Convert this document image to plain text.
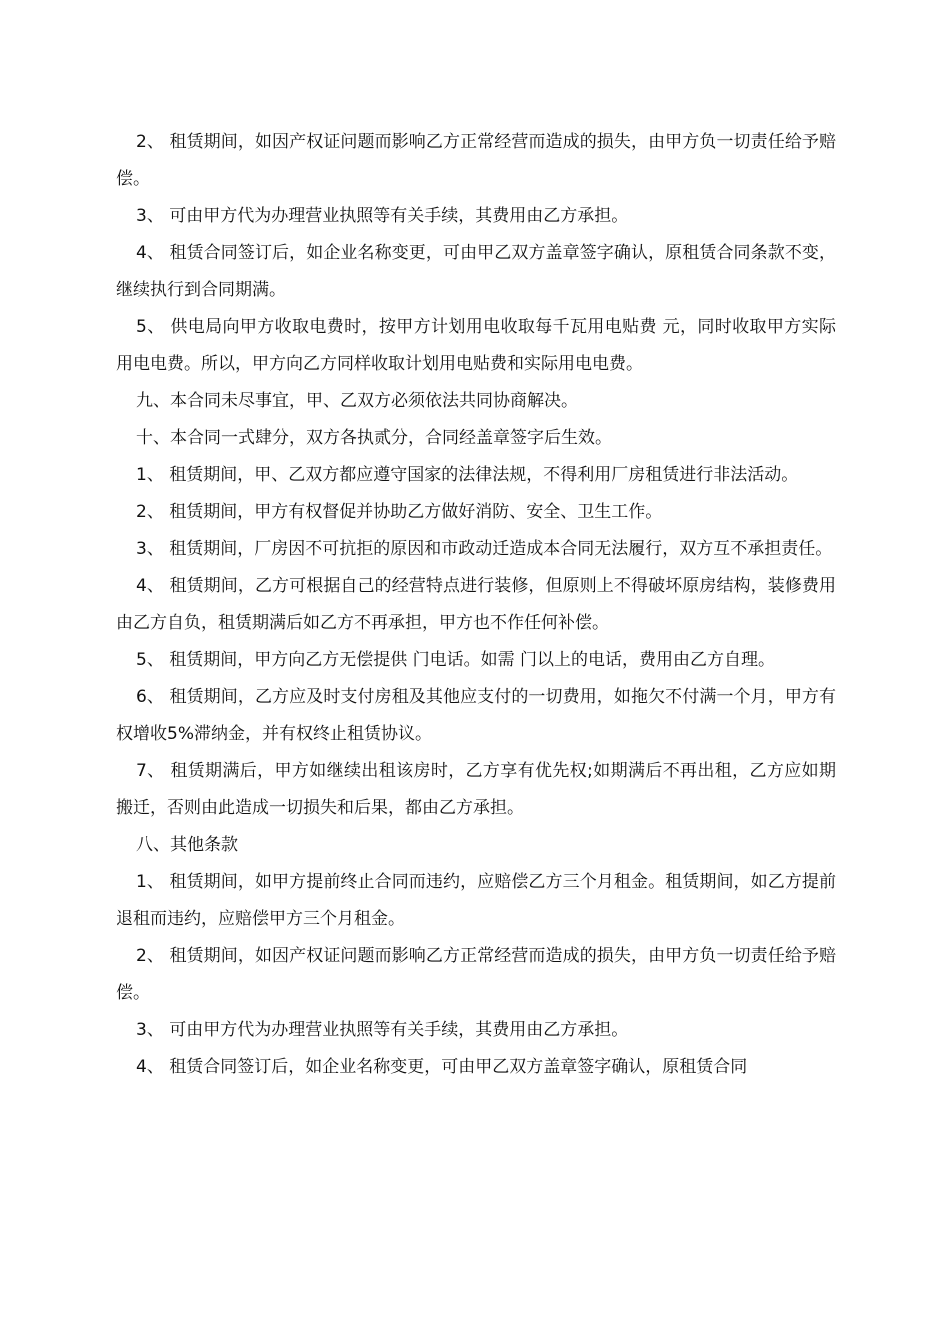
2、 租赁期间，如因产权证问题而影响乙方正常经营而造成的损失，由甲方负一切责任给予赔偿。

3、 可由甲方代为办理营业执照等有关手续，其费用由乙方承担。

4、 租赁合同签订后，如企业名称变更，可由甲乙双方盖章签字确认，原租赁合同条款不变，继续执行到合同期满。

5、 供电局向甲方收取电费时，按甲方计划用电收取每千瓦用电贴费 元，同时收取甲方实际用电电费。所以，甲方向乙方同样收取计划用电贴费和实际用电电费。

九、本合同未尽事宜，甲、乙双方必须依法共同协商解决。

十、本合同一式肆分，双方各执贰分，合同经盖章签字后生效。

1、 租赁期间，甲、乙双方都应遵守国家的法律法规，不得利用厂房租赁进行非法活动。

2、 租赁期间，甲方有权督促并协助乙方做好消防、安全、卫生工作。

3、 租赁期间，厂房因不可抗拒的原因和市政动迁造成本合同无法履行，双方互不承担责任。

4、 租赁期间，乙方可根据自己的经营特点进行装修，但原则上不得破坏原房结构，装修费用由乙方自负，租赁期满后如乙方不再承担，甲方也不作任何补偿。

5、 租赁期间，甲方向乙方无偿提供 门电话。如需 门以上的电话，费用由乙方自理。

6、 租赁期间，乙方应及时支付房租及其他应支付的一切费用，如拖欠不付满一个月，甲方有权增收5%滞纳金，并有权终止租赁协议。

7、 租赁期满后，甲方如继续出租该房时，乙方享有优先权;如期满后不再出租，乙方应如期搬迁，否则由此造成一切损失和后果，都由乙方承担。

八、其他条款

1、 租赁期间，如甲方提前终止合同而违约，应赔偿乙方三个月租金。租赁期间，如乙方提前退租而违约，应赔偿甲方三个月租金。

2、 租赁期间，如因产权证问题而影响乙方正常经营而造成的损失，由甲方负一切责任给予赔偿。

3、 可由甲方代为办理营业执照等有关手续，其费用由乙方承担。

4、 租赁合同签订后，如企业名称变更，可由甲乙双方盖章签字确认，原租赁合同
